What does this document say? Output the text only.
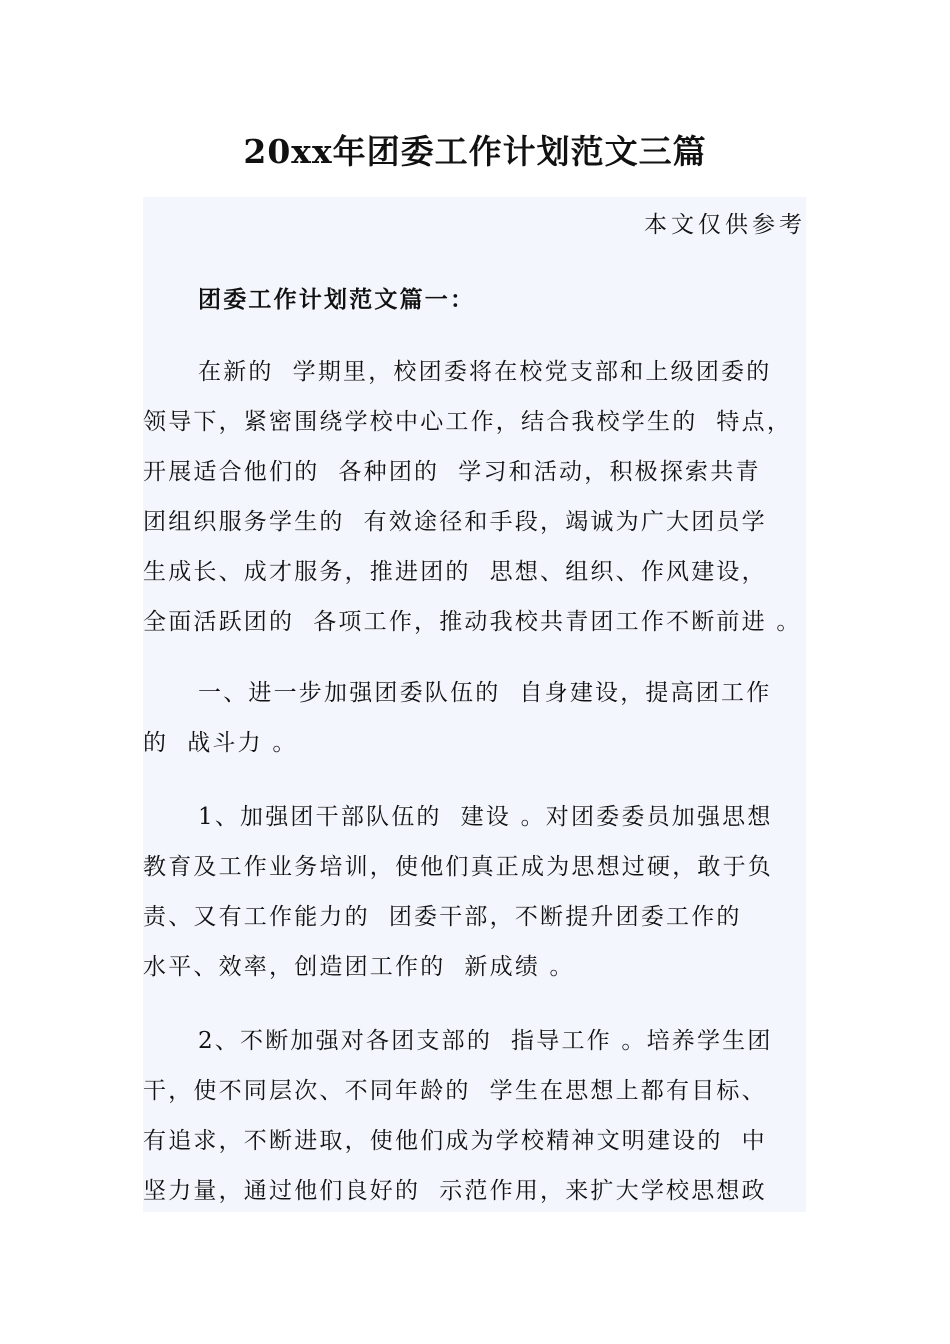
20xx年团委工作计划范文三篇
本文仅供参考
团委工作计划范文篇一：
在新的  学期里，校团委将在校党支部和上级团委的
领导下，紧密围绕学校中心工作，结合我校学生的  特点，
开展适合他们的  各种团的  学习和活动，积极探索共青
团组织服务学生的  有效途径和手段，竭诚为广大团员学
生成长、成才服务，推进团的  思想、组织、作风建设，
全面活跃团的  各项工作，推动我校共青团工作不断前进 。
一、进一步加强团委队伍的  自身建设，提高团工作
的  战斗力 。
1、加强团干部队伍的  建设 。对团委委员加强思想
教育及工作业务培训，使他们真正成为思想过硬，敢于负
责、又有工作能力的  团委干部，不断提升团委工作的
水平、效率，创造团工作的  新成绩 。
2、不断加强对各团支部的  指导工作 。培养学生团
干，使不同层次、不同年龄的  学生在思想上都有目标、
有追求，不断进取，使他们成为学校精神文明建设的  中
坚力量，通过他们良好的  示范作用，来扩大学校思想政
